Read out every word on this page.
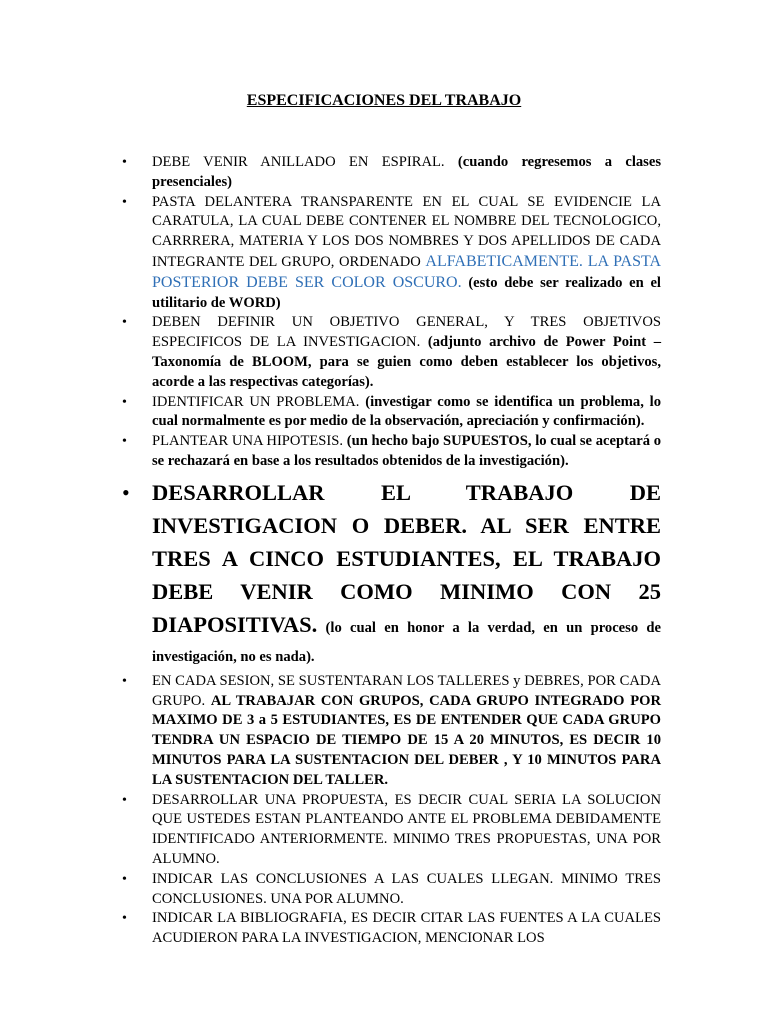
ESPECIFICACIONES DEL TRABAJO
•	DEBE VENIR ANILLADO EN ESPIRAL. (cuando regresemos a clases presenciales)
•	PASTA DELANTERA TRANSPARENTE EN EL CUAL SE EVIDENCIE LA CARATULA, LA CUAL DEBE CONTENER EL NOMBRE DEL TECNOLOGICO, CARRRERA, MATERIA Y LOS DOS NOMBRES Y DOS APELLIDOS DE CADA INTEGRANTE DEL GRUPO, ORDENADO ALFABETICAMENTE. LA PASTA POSTERIOR DEBE SER COLOR OSCURO. (esto debe ser realizado en el utilitario de WORD)
•	DEBEN DEFINIR UN OBJETIVO GENERAL, Y TRES OBJETIVOS ESPECIFICOS DE LA INVESTIGACION. (adjunto archivo de Power Point – Taxonomía de BLOOM, para se guien como deben establecer los objetivos, acorde a las respectivas categorías).
•	IDENTIFICAR UN PROBLEMA. (investigar como se identifica un problema, lo cual normalmente es por medio de la observación, apreciación y confirmación).
•	PLANTEAR UNA HIPOTESIS. (un hecho bajo SUPUESTOS, lo cual se aceptará o se rechazará en base a los resultados obtenidos de la investigación).
• DESARROLLAR EL TRABAJO DE INVESTIGACION O DEBER. AL SER ENTRE TRES A CINCO ESTUDIANTES, EL TRABAJO DEBE VENIR COMO MINIMO CON 25 DIAPOSITIVAS. (lo cual en honor a la verdad, en un proceso de investigación, no es nada).
•	EN CADA SESION, SE SUSTENTARAN LOS TALLERES y DEBRES, POR CADA GRUPO. AL TRABAJAR CON GRUPOS, CADA GRUPO INTEGRADO POR MAXIMO DE 3 a 5 ESTUDIANTES, ES DE ENTENDER QUE CADA GRUPO TENDRA UN ESPACIO DE TIEMPO DE 15 A 20 MINUTOS, ES DECIR 10 MINUTOS PARA LA SUSTENTACION DEL DEBER , Y 10 MINUTOS PARA LA SUSTENTACION DEL TALLER.
•	DESARROLLAR UNA PROPUESTA, ES DECIR CUAL SERIA LA SOLUCION QUE USTEDES ESTAN PLANTEANDO ANTE EL PROBLEMA DEBIDAMENTE IDENTIFICADO ANTERIORMENTE. MINIMO TRES PROPUESTAS, UNA POR ALUMNO.
•	INDICAR LAS CONCLUSIONES A LAS CUALES LLEGAN. MINIMO TRES CONCLUSIONES. UNA POR ALUMNO.
•	INDICAR LA BIBLIOGRAFIA, ES DECIR CITAR LAS FUENTES A LA CUALES ACUDIERON PARA LA INVESTIGACION, MENCIONAR LOS
